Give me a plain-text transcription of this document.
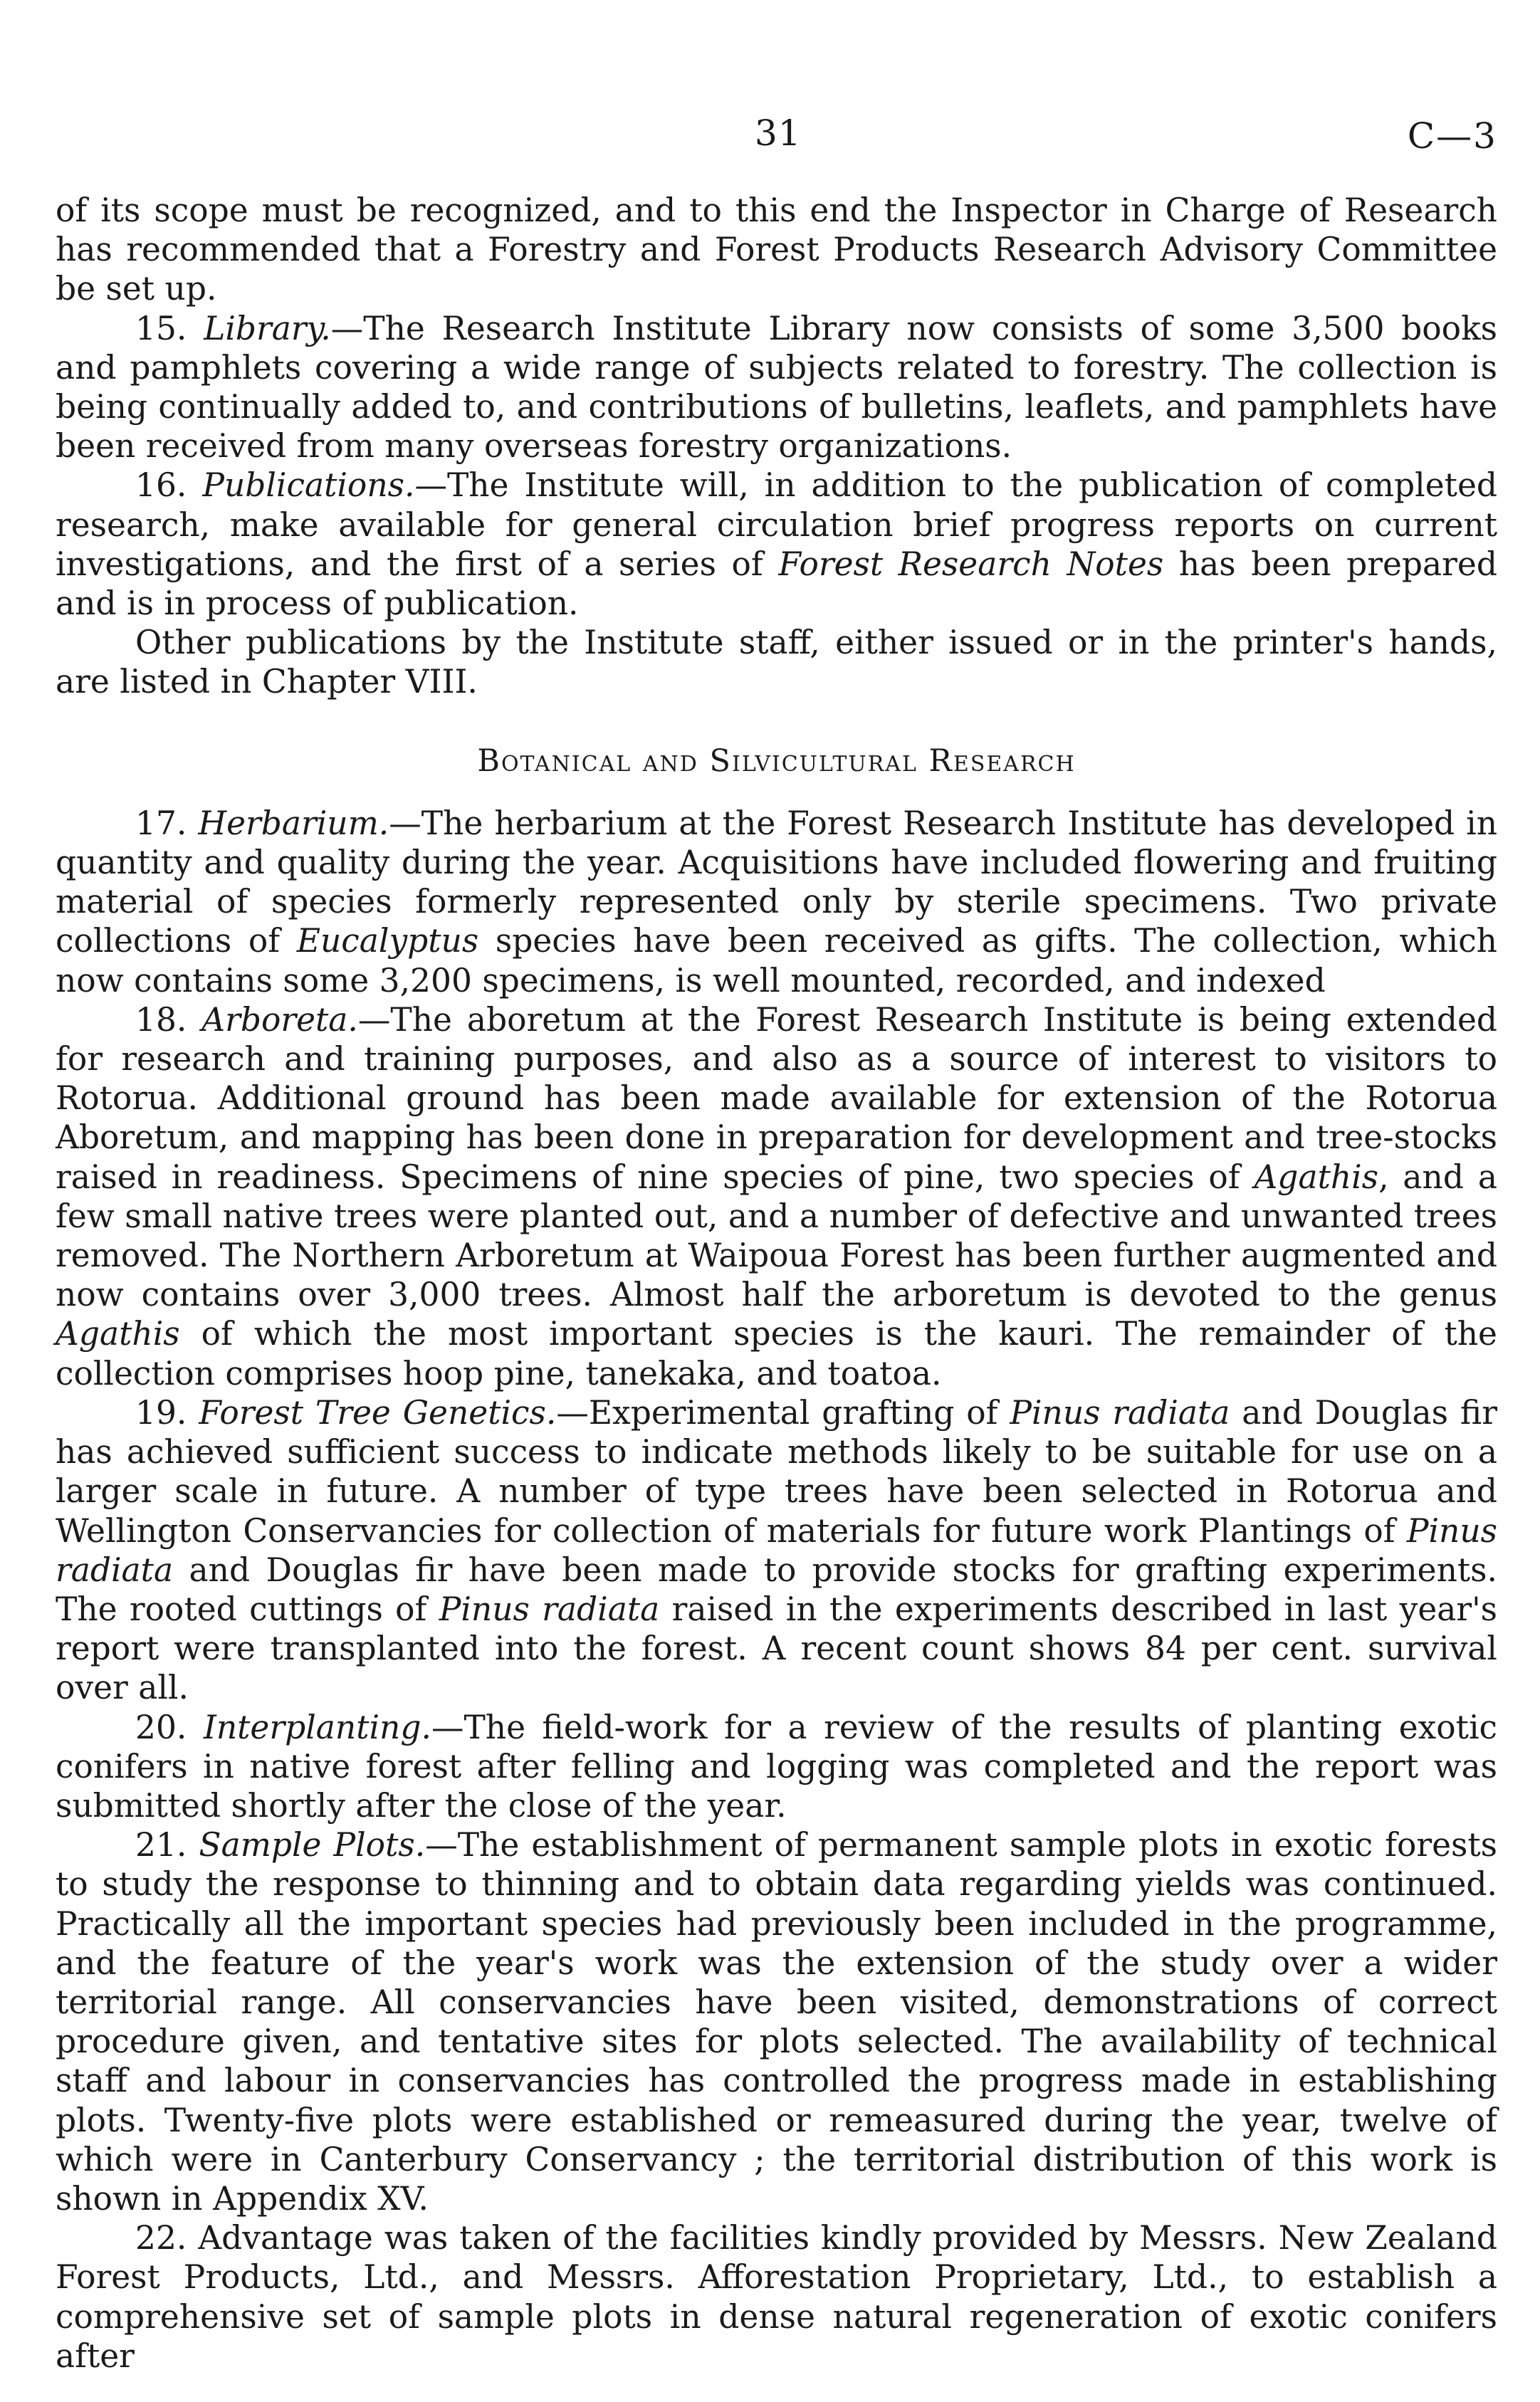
31	C—3

of its scope must be recognized, and to this end the Inspector in Charge of Research has recommended that a Forestry and Forest Products Research Advisory Committee be set up.

15. Library.—The Research Institute Library now consists of some 3,500 books and pamphlets covering a wide range of subjects related to forestry. The collection is being continually added to, and contributions of bulletins, leaflets, and pamphlets have been received from many overseas forestry organizations.

16. Publications.—The Institute will, in addition to the publication of completed research, make available for general circulation brief progress reports on current investigations, and the first of a series of Forest Research Notes has been prepared and is in process of publication.

Other publications by the Institute staff, either issued or in the printer's hands, are listed in Chapter VIII.

Botanical and Silvicultural Research

17. Herbarium.—The herbarium at the Forest Research Institute has developed in quantity and quality during the year. Acquisitions have included flowering and fruiting material of species formerly represented only by sterile specimens. Two private collections of Eucalyptus species have been received as gifts. The collection, which now contains some 3,200 specimens, is well mounted, recorded, and indexed

18. Arboreta.—The aboretum at the Forest Research Institute is being extended for research and training purposes, and also as a source of interest to visitors to Rotorua. Additional ground has been made available for extension of the Rotorua Aboretum, and mapping has been done in preparation for development and tree-stocks raised in readiness. Specimens of nine species of pine, two species of Agathis, and a few small native trees were planted out, and a number of defective and unwanted trees removed. The Northern Arboretum at Waipoua Forest has been further augmented and now contains over 3,000 trees. Almost half the arboretum is devoted to the genus Agathis of which the most important species is the kauri. The remainder of the collection comprises hoop pine, tanekaka, and toatoa.

19. Forest Tree Genetics.—Experimental grafting of Pinus radiata and Douglas fir has achieved sufficient success to indicate methods likely to be suitable for use on a larger scale in future. A number of type trees have been selected in Rotorua and Wellington Conservancies for collection of materials for future work Plantings of Pinus radiata and Douglas fir have been made to provide stocks for grafting experiments. The rooted cuttings of Pinus radiata raised in the experiments described in last year's report were transplanted into the forest. A recent count shows 84 per cent. survival over all.

20. Interplanting.—The field-work for a review of the results of planting exotic conifers in native forest after felling and logging was completed and the report was submitted shortly after the close of the year.

21. Sample Plots.—The establishment of permanent sample plots in exotic forests to study the response to thinning and to obtain data regarding yields was continued. Practically all the important species had previously been included in the programme, and the feature of the year's work was the extension of the study over a wider territorial range. All conservancies have been visited, demonstrations of correct procedure given, and tentative sites for plots selected. The availability of technical staff and labour in conservancies has controlled the progress made in establishing plots. Twenty-five plots were established or remeasured during the year, twelve of which were in Canterbury Conservancy ; the territorial distribution of this work is shown in Appendix XV.

22. Advantage was taken of the facilities kindly provided by Messrs. New Zealand Forest Products, Ltd., and Messrs. Afforestation Proprietary, Ltd., to establish a comprehensive set of sample plots in dense natural regeneration of exotic conifers after
